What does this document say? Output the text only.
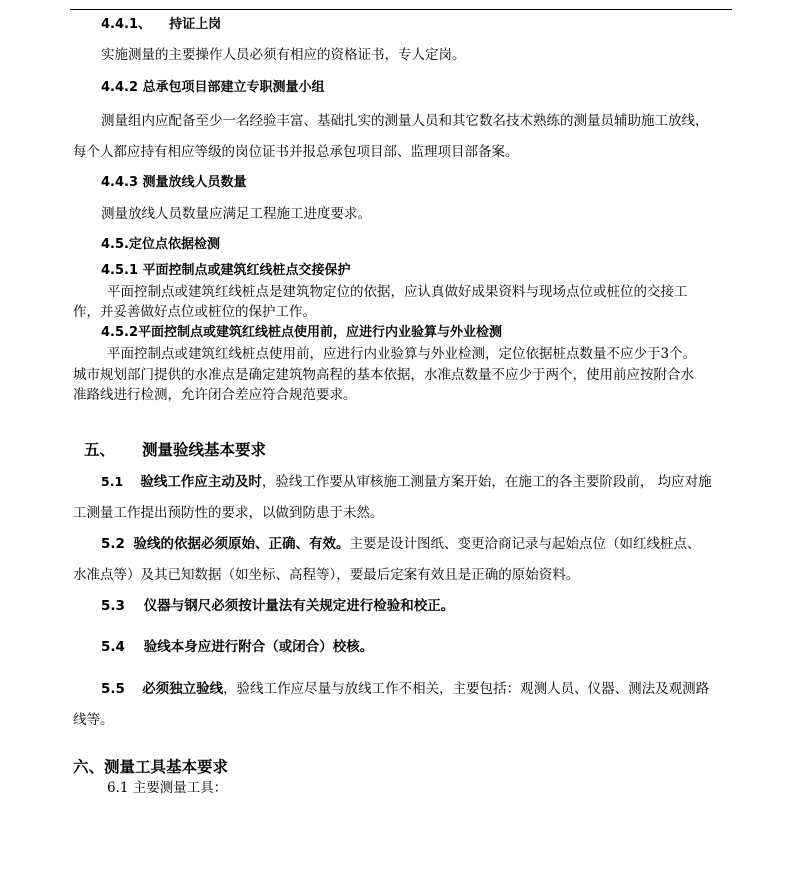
4.4.1、 持证上岗
实施测量的主要操作人员必须有相应的资格证书，专人定岗。
4.4.2 总承包项目部建立专职测量小组
测量组内应配备至少一名经验丰富、基础扎实的测量人员和其它数名技术熟练的测量员辅助施工放线，
每个人都应持有相应等级的岗位证书并报总承包项目部、监理项目部备案。
4.4.3 测量放线人员数量
测量放线人员数量应满足工程施工进度要求。
4.5.定位点依据检测
4.5.1 平面控制点或建筑红线桩点交接保护
平面控制点或建筑红线桩点是建筑物定位的依据，应认真做好成果资料与现场点位或桩位的交接工
作，并妥善做好点位或桩位的保护工作。
4.5.2平面控制点或建筑红线桩点使用前，应进行内业验算与外业检测
平面控制点或建筑红线桩点使用前，应进行内业验算与外业检测，定位依据桩点数量不应少于3个。
城市规划部门提供的水准点是确定建筑物高程的基本依据，水准点数量不应少于两个，使用前应按附合水
准路线进行检测，允许闭合差应符合规范要求。
五、 测量验线基本要求
5.1 验线工作应主动及时，验线工作要从审核施工测量方案开始，在施工的各主要阶段前， 均应对施
工测量工作提出预防性的要求，以做到防患于未然。
5.2 验线的依据必须原始、正确、有效。主要是设计图纸、变更洽商记录与起始点位（如红线桩点、
水准点等）及其已知数据（如坐标、高程等），要最后定案有效且是正确的原始资料。
5.3 仪器与钢尺必须按计量法有关规定进行检验和校正。
5.4 验线本身应进行附合（或闭合）校核。
5.5 必须独立验线，验线工作应尽量与放线工作不相关，主要包括：观测人员、仪器、测法及观测路
线等。
六、测量工具基本要求
6.1 主要测量工具：
